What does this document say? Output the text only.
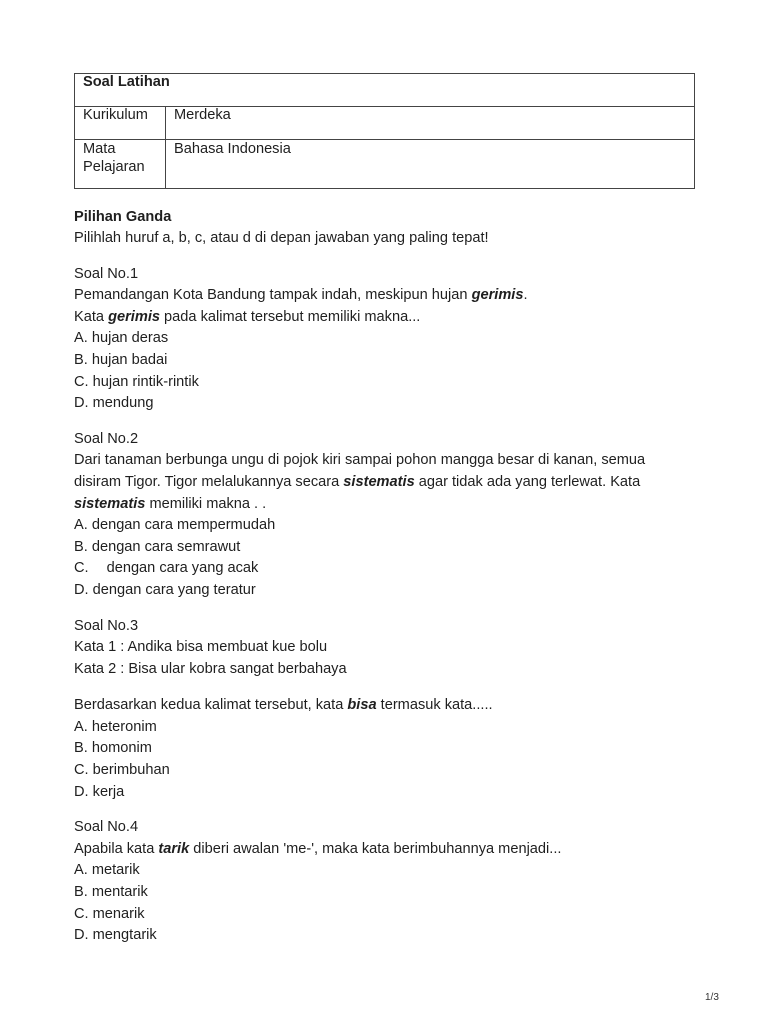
Soal Latihan	
Kurikulum	Merdeka
Mata
Pelajaran	Bahasa Indonesia
Pilihan Ganda
Pilihlah huruf a, b, c, atau d di depan jawaban yang paling tepat!
Soal No.1
Pemandangan Kota Bandung tampak indah, meskipun hujan gerimis.
Kata gerimis pada kalimat tersebut memiliki makna...
A. hujan deras
B. hujan badai
C. hujan rintik-rintik
D. mendung
Soal No.2
Dari tanaman berbunga ungu di pojok kiri sampai pohon mangga besar di kanan, semua
disiram Tigor. Tigor melalukannya secara sistematis agar tidak ada yang terlewat. Kata
sistematis memiliki makna . .
A. dengan cara mempermudah
B. dengan cara semrawut
C. dengan cara yang acak
D. dengan cara yang teratur
Soal No.3
Kata 1 : Andika bisa membuat kue bolu
Kata 2 : Bisa ular kobra sangat berbahaya
Berdasarkan kedua kalimat tersebut, kata bisa termasuk kata.....
A. heteronim
B. homonim
C. berimbuhan
D. kerja
Soal No.4
Apabila kata tarik diberi awalan 'me-', maka kata berimbuhannya menjadi...
A. metarik
B. mentarik
C. menarik
D. mengtarik
1/3
